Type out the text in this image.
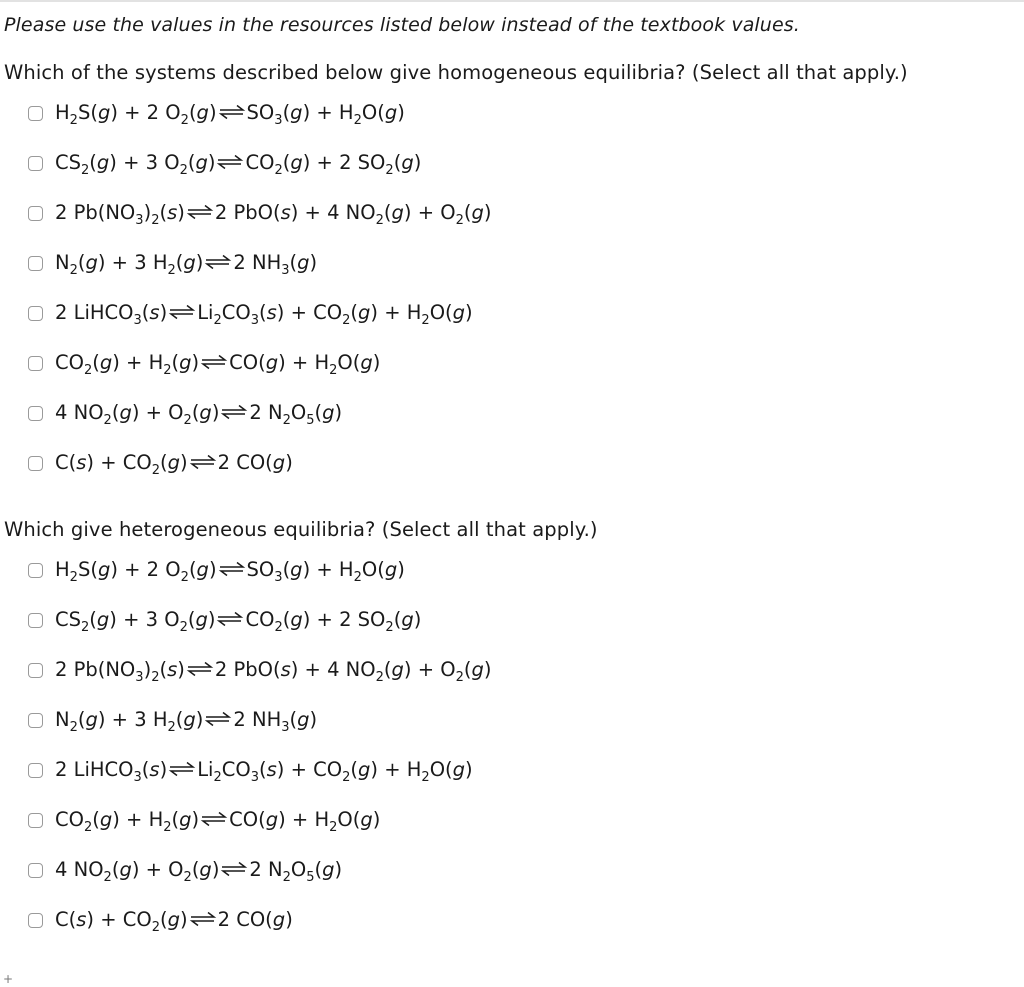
Please use the values in the resources listed below instead of the textbook values.
Which of the systems described below give homogeneous equilibria? (Select all that apply.)
$H_2S(g) + 2$ $O_2(g)\rightleftharpoons SO_3(g) + H_2O(g)$
$CS_2(g) + 3$ $O_2(g)\rightleftharpoons CO_2(g) + 2$ $SO_2(g)$
2 $Pb(NO_3)_2(s)\rightleftharpoons 2$ PbO(s) + 4 $NO_2(g) + O_2(g)$
$N_2(g) + 3$ $H_2(g)\rightleftharpoons 2$ $NH_3(g)$
2 $LiHCO_3(s)\rightleftharpoons Li_2CO_3(s) + CO_2(g) + H_2O(g)$
$CO_2(g)$ + $H_2(g)\rightleftharpoons CO(g) + H_2O(g)$
4 $NO_2(g)$ + $O_2(g)\rightleftharpoons 2$ $N_2O_5(g)$
$C(s) + CO_2(g)\rightleftharpoons 2$ CO(g)
Which give heterogeneous equilibria? (Select all that apply.)
$H_2S(g) + 2$ $O_2(g)\rightleftharpoons SO_3(g) + H_2O(g)$
$CS_2(g) + 3$ $O_2(g)\rightleftharpoons CO_2(g) + 2$ $SO_2(g)$
2 $Pb(NO_3)_2(s)\rightleftharpoons 2$ PbO(s) + 4 $NO_2(g) + O_2(g)$
$N_2(g) + 3$ $H_2(g)\rightleftharpoons 2$ $NH_3(g)$
2 $LiHCO_3(s)\rightleftharpoons Li_2CO_3(s) + CO_2(g) + H_2O(g)$
$CO_2(g)$ + $H_2(g)\rightleftharpoons CO(g) + H_2O(g)$
4 $NO_2(g)$ + $O_2(g)\rightleftharpoons 2$ $N_2O_5(g)$
$C(s) + CO_2(g)\rightleftharpoons 2$ CO(g)
+
